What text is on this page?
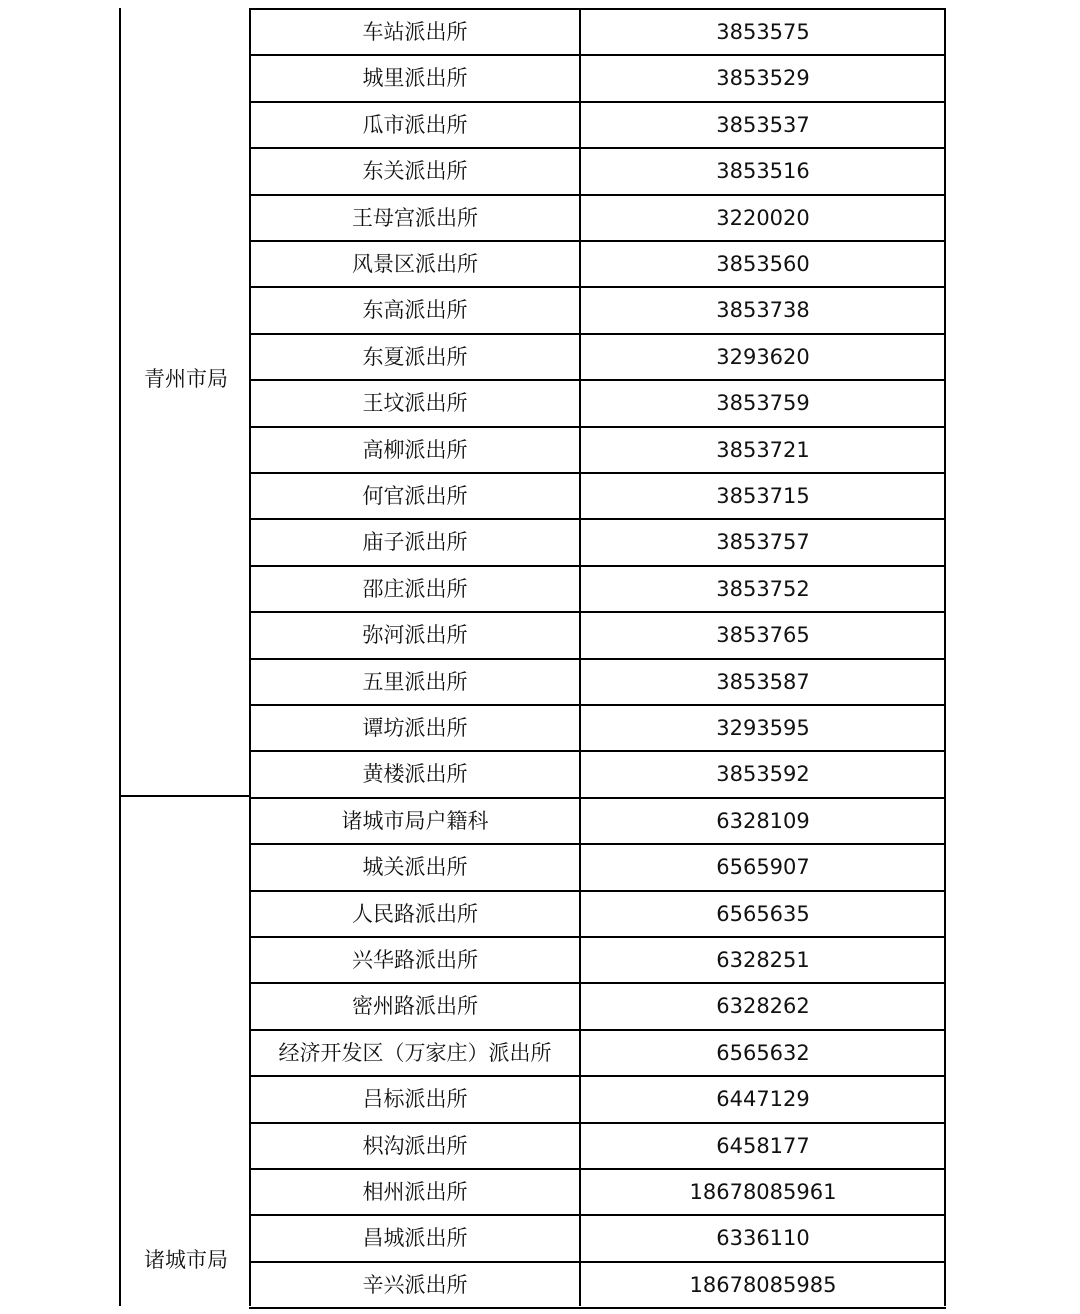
车站派出所	3853575
城里派出所	3853529
瓜市派出所	3853537
东关派出所	3853516
王母宫派出所	3220020
风景区派出所	3853560
东高派出所	3853738
东夏派出所	3293620
王坟派出所	3853759
高柳派出所	3853721
何官派出所	3853715
庙子派出所	3853757
邵庄派出所	3853752
弥河派出所	3853765
五里派出所	3853587
谭坊派出所	3293595
黄楼派出所	3853592
诸城市局户籍科	6328109
城关派出所	6565907
人民路派出所	6565635
兴华路派出所	6328251
密州路派出所	6328262
经济开发区（万家庄）派出所	6565632
吕标派出所	6447129
枳沟派出所	6458177
相州派出所	18678085961
昌城派出所	6336110
辛兴派出所	18678085985
青州市局
诸城市局
